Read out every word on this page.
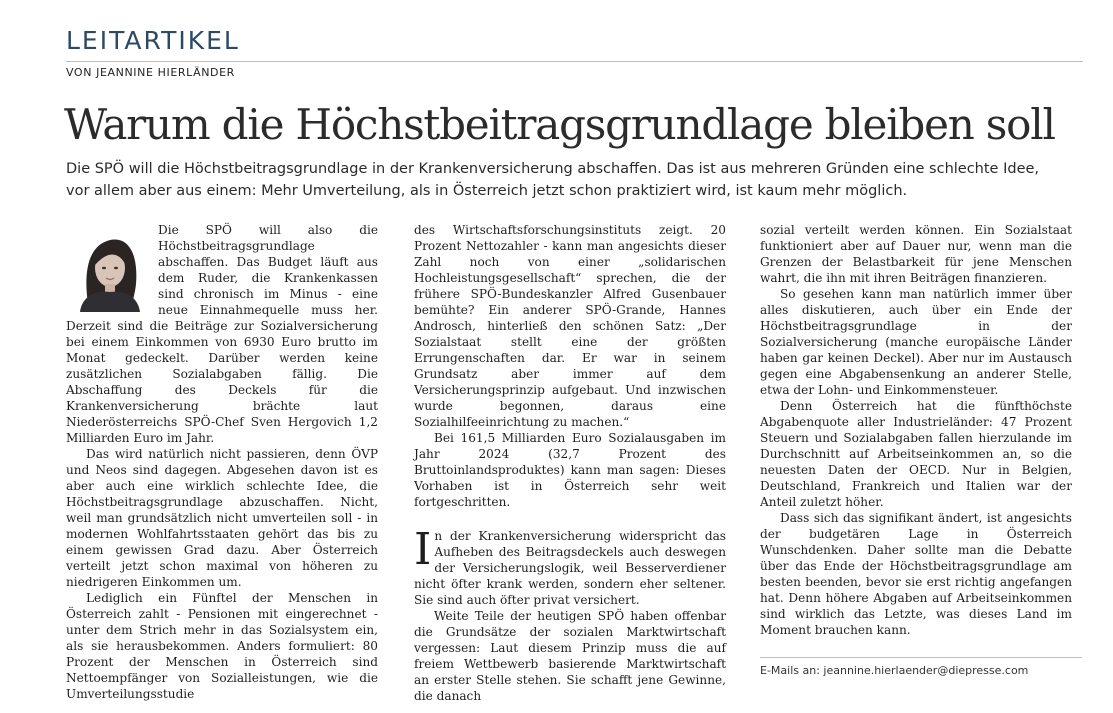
LEITARTIKEL
VON JEANNINE HIERLÄNDER
Warum die Höchstbeitragsgrundlage bleiben soll
Die SPÖ will die Höchstbeitragsgrundlage in der Krankenversicherung abschaffen. Das ist aus mehreren Gründen eine schlechte Idee, vor allem aber aus einem: Mehr Umverteilung, als in Österreich jetzt schon praktiziert wird, ist kaum mehr möglich.

Die SPÖ will also die Höchstbeitragsgrundlage abschaffen. Das Budget läuft aus dem Ruder, die Krankenkassen sind chronisch im Minus - eine neue Einnahmequelle muss her. Derzeit sind die Beiträge zur Sozialversicherung bei einem Einkommen von 6930 Euro brutto im Monat gedeckelt. Darüber werden keine zusätzlichen Sozialabgaben fällig. Die Abschaffung des Deckels für die Krankenversicherung brächte laut Niederösterreichs SPÖ-Chef Sven Hergovich 1,2 Milliarden Euro im Jahr.

Das wird natürlich nicht passieren, denn ÖVP und Neos sind dagegen. Abgesehen davon ist es aber auch eine wirklich schlechte Idee, die Höchstbeitragsgrundlage abzuschaffen. Nicht, weil man grundsätzlich nicht umverteilen soll - in modernen Wohlfahrtsstaaten gehört das bis zu einem gewissen Grad dazu. Aber Österreich verteilt jetzt schon maximal von höheren zu niedrigeren Einkommen um.

Lediglich ein Fünftel der Menschen in Österreich zahlt - Pensionen mit eingerechnet - unter dem Strich mehr in das Sozialsystem ein, als sie herausbekommen. Anders formuliert: 80 Prozent der Menschen in Österreich sind Nettoempfänger von Sozialleistungen, wie die Umverteilungsstudie

des Wirtschaftsforschungsinstituts zeigt. 20 Prozent Nettozahler - kann man angesichts dieser Zahl noch von einer „solidarischen Hochleistungsgesellschaft“ sprechen, die der frühere SPÖ-Bundeskanzler Alfred Gusenbauer bemühte? Ein anderer SPÖ-Grande, Hannes Androsch, hinterließ den schönen Satz: „Der Sozialstaat stellt eine der größten Errungenschaften dar. Er war in seinem Grundsatz aber immer auf dem Versicherungsprinzip aufgebaut. Und inzwischen wurde begonnen, daraus eine Sozialhilfeeinrichtung zu machen.“

Bei 161,5 Milliarden Euro Sozialausgaben im Jahr 2024 (32,7 Prozent des Bruttoinlandsproduktes) kann man sagen: Dieses Vorhaben ist in Österreich sehr weit fortgeschritten.

In der Krankenversicherung widerspricht das Aufheben des Beitragsdeckels auch deswegen der Versicherungslogik, weil Besserverdiener nicht öfter krank werden, sondern eher seltener. Sie sind auch öfter privat versichert.

Weite Teile der heutigen SPÖ haben offenbar die Grundsätze der sozialen Marktwirtschaft vergessen: Laut diesem Prinzip muss die auf freiem Wettbewerb basierende Marktwirtschaft an erster Stelle stehen. Sie schafft jene Gewinne, die danach

sozial verteilt werden können. Ein Sozialstaat funktioniert aber auf Dauer nur, wenn man die Grenzen der Belastbarkeit für jene Menschen wahrt, die ihn mit ihren Beiträgen finanzieren.

So gesehen kann man natürlich immer über alles diskutieren, auch über ein Ende der Höchstbeitragsgrundlage in der Sozialversicherung (manche europäische Länder haben gar keinen Deckel). Aber nur im Austausch gegen eine Abgabensenkung an anderer Stelle, etwa der Lohn- und Einkommensteuer.

Denn Österreich hat die fünfthöchste Abgabenquote aller Industrieländer: 47 Prozent Steuern und Sozialabgaben fallen hierzulande im Durchschnitt auf Arbeitseinkommen an, so die neuesten Daten der OECD. Nur in Belgien, Deutschland, Frankreich und Italien war der Anteil zuletzt höher.

Dass sich das signifikant ändert, ist angesichts der budgetären Lage in Österreich Wunschdenken. Daher sollte man die Debatte über das Ende der Höchstbeitragsgrundlage am besten beenden, bevor sie erst richtig angefangen hat. Denn höhere Abgaben auf Arbeitseinkommen sind wirklich das Letzte, was dieses Land im Moment brauchen kann.

E-Mails an: jeannine.hierlaender@diepresse.com
